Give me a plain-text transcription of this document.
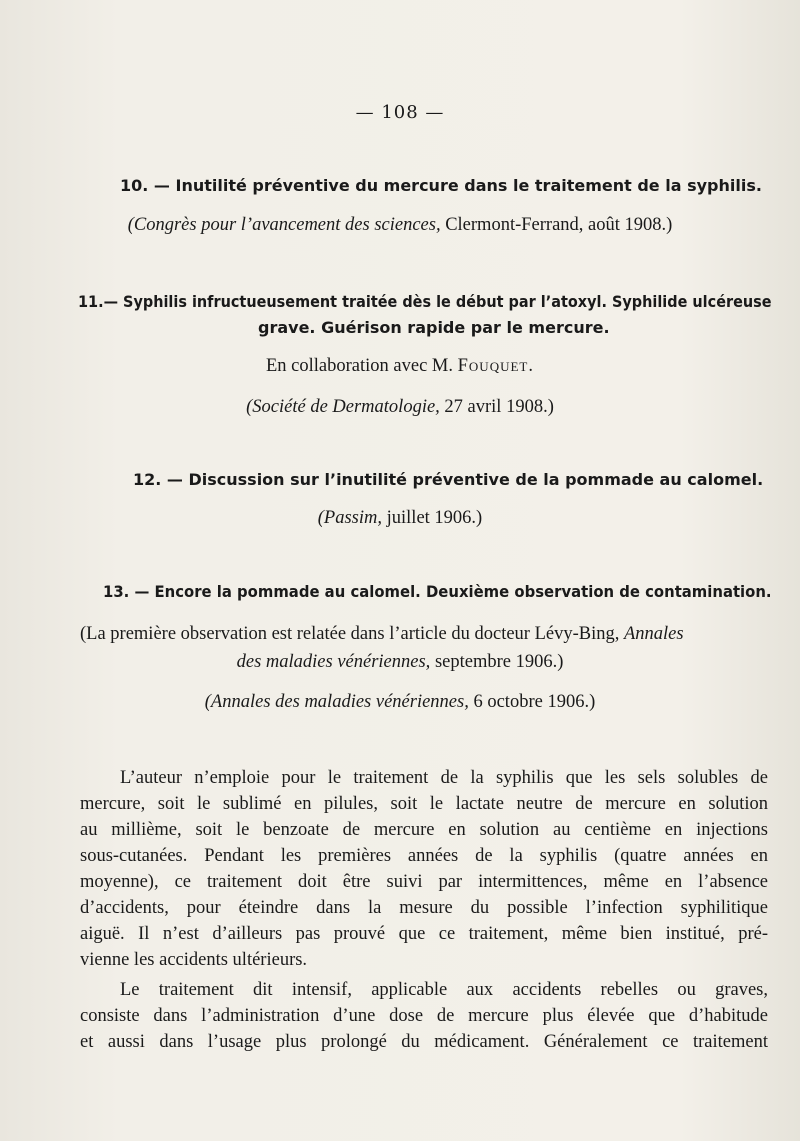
— 108 —
10. — Inutilité préventive du mercure dans le traitement de la syphilis.
(Congrès pour l’avancement des sciences, Clermont-Ferrand, août 1908.)
11.— Syphilis infructueusement traitée dès le début par l’atoxyl. Syphilide ulcéreuse
grave. Guérison rapide par le mercure.
En collaboration avec M. Fouquet.
(Société de Dermatologie, 27 avril 1908.)
12. — Discussion sur l’inutilité préventive de la pommade au calomel.
(Passim, juillet 1906.)
13. — Encore la pommade au calomel. Deuxième observation de contamination.
(La première observation est relatée dans l’article du docteur Lévy-Bing, Annales
des maladies vénériennes, septembre 1906.)
(Annales des maladies vénériennes, 6 octobre 1906.)
L’auteur n’emploie pour le traitement de la syphilis que les sels solubles de
mercure, soit le sublimé en pilules, soit le lactate neutre de mercure en solution
au millième, soit le benzoate de mercure en solution au centième en injections
sous-cutanées. Pendant les premières années de la syphilis (quatre années en
moyenne), ce traitement doit être suivi par intermittences, même en l’absence
d’accidents, pour éteindre dans la mesure du possible l’infection syphilitique
aiguë. Il n’est d’ailleurs pas prouvé que ce traitement, même bien institué, pré-
vienne les accidents ultérieurs.
Le traitement dit intensif, applicable aux accidents rebelles ou graves,
consiste dans l’administration d’une dose de mercure plus élevée que d’habitude
et aussi dans l’usage plus prolongé du médicament. Généralement ce traitement
